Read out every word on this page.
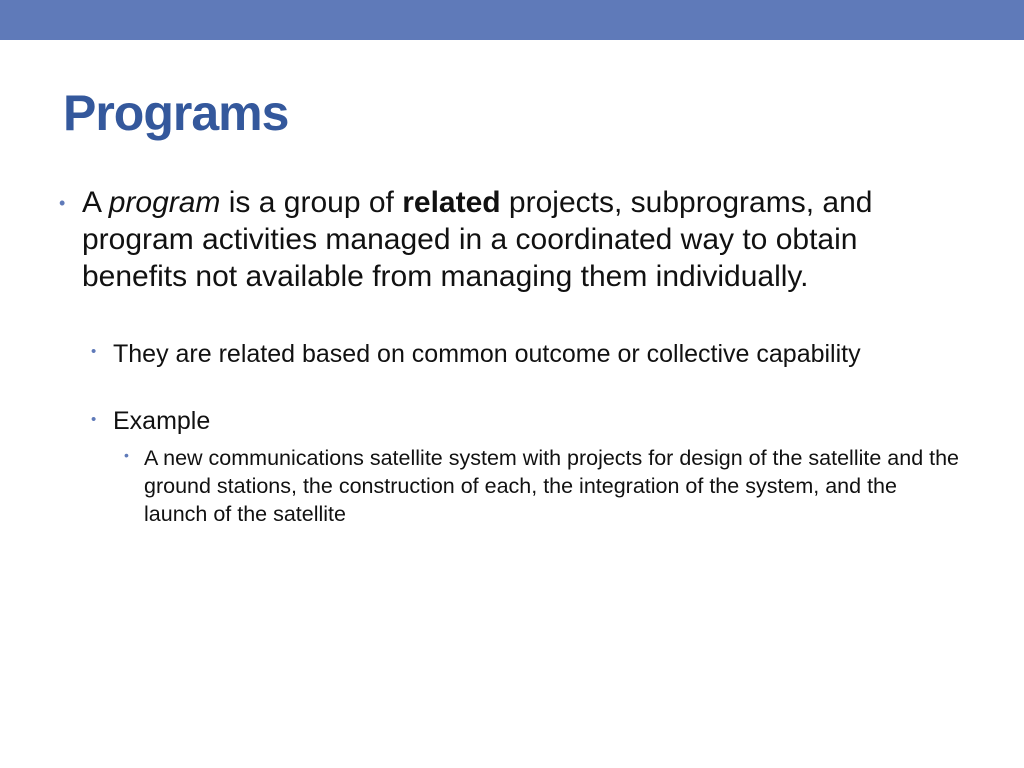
Programs
• A program is a group of related projects, subprograms, and program activities managed in a coordinated way to obtain benefits not available from managing them individually.
• They are related based on common outcome or collective capability
• Example
• A new communications satellite system with projects for design of the satellite and the ground stations, the construction of each, the integration of the system, and the launch of the satellite
